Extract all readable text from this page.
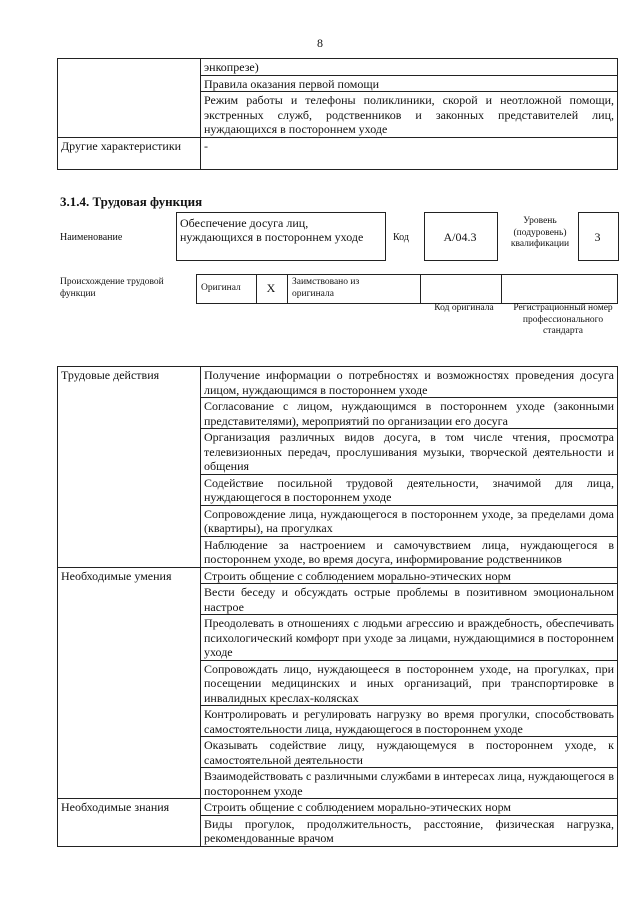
8
	энкопрезе)
	Правила оказания первой помощи
	Режим работы и телефоны поликлиники, скорой и неотложной помощи, экстренных служб, родственников и законных представителей лиц, нуждающихся в постороннем уходе
Другие характеристики	-
3.1.4. Трудовая функция
Наименование
Обеспечение досуга лиц, нуждающихся в постороннем уходе	Код	А/04.3
Уровень (подуровень) квалификации	3
Происхождение трудовой функции
Оригинал	X	Заимствовано из оригинала
Код оригинала	Регистрационный номер профессионального стандарта
Трудовые действия	Получение информации о потребностях и возможностях проведения досуга лицом, нуждающимся в постороннем уходе
	Согласование с лицом, нуждающимся в постороннем уходе (законными представителями), мероприятий по организации его досуга
	Организация различных видов досуга, в том числе чтения, просмотра телевизионных передач, прослушивания музыки, творческой деятельности и общения
	Содействие посильной трудовой деятельности, значимой для лица, нуждающегося в постороннем уходе
	Сопровождение лица, нуждающегося в постороннем уходе, за пределами дома (квартиры), на прогулках
	Наблюдение за настроением и самочувствием лица, нуждающегося в постороннем уходе, во время досуга, информирование родственников
Необходимые умения	Строить общение с соблюдением морально-этических норм
	Вести беседу и обсуждать острые проблемы в позитивном эмоциональном настрое
	Преодолевать в отношениях с людьми агрессию и враждебность, обеспечивать психологический комфорт при уходе за лицами, нуждающимися в постороннем уходе
	Сопровождать лицо, нуждающееся в постороннем уходе, на прогулках, при посещении медицинских и иных организаций, при транспортировке в инвалидных креслах-колясках
	Контролировать и регулировать нагрузку во время прогулки, способствовать самостоятельности лица, нуждающегося в постороннем уходе
	Оказывать содействие лицу, нуждающемуся в постороннем уходе, к самостоятельной деятельности
	Взаимодействовать с различными службами в интересах лица, нуждающегося в постороннем уходе
Необходимые знания	Строить общение с соблюдением морально-этических норм
	Виды прогулок, продолжительность, расстояние, физическая нагрузка, рекомендованные врачом
